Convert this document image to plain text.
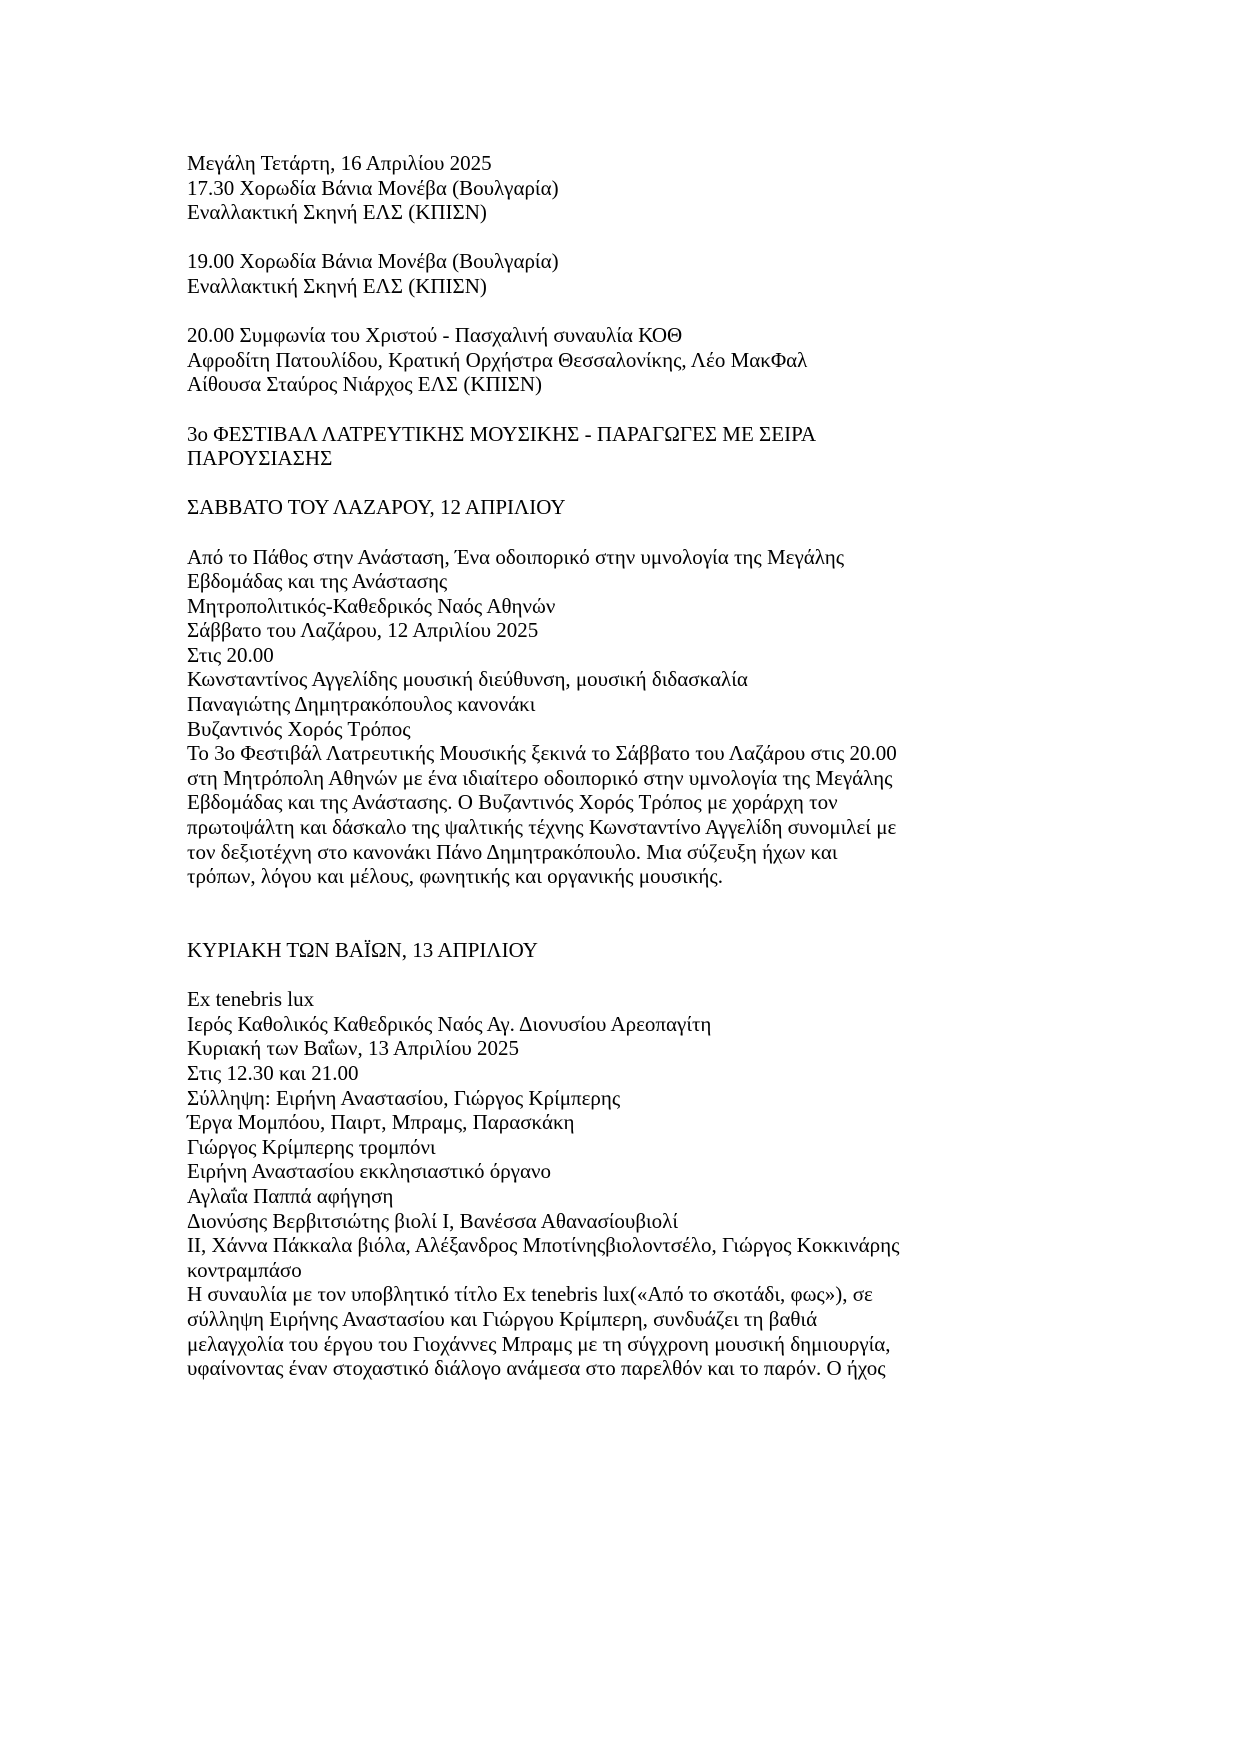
Μεγάλη Τετάρτη, 16 Απριλίου 2025
17.30 Χορωδία Βάνια Μονέβα (Βουλγαρία)
Εναλλακτική Σκηνή ΕΛΣ (ΚΠΙΣΝ)
19.00 Χορωδία Βάνια Μονέβα (Βουλγαρία)
Εναλλακτική Σκηνή ΕΛΣ (ΚΠΙΣΝ)
20.00 Συμφωνία του Χριστού - Πασχαλινή συναυλία ΚΟΘ
Αφροδίτη Πατουλίδου, Κρατική Ορχήστρα Θεσσαλονίκης, Λέο ΜακΦαλ
Αίθουσα Σταύρος Νιάρχος ΕΛΣ (ΚΠΙΣΝ)
3ο ΦΕΣΤΙΒΑΛ ΛΑΤΡΕΥΤΙΚΗΣ ΜΟΥΣΙΚΗΣ - ΠΑΡΑΓΩΓΕΣ ΜΕ ΣΕΙΡΑ
ΠΑΡΟΥΣΙΑΣΗΣ
ΣΑΒΒΑΤΟ ΤΟΥ ΛΑΖΑΡΟΥ, 12 ΑΠΡΙΛΙΟΥ
Από το Πάθος στην Ανάσταση, Ένα οδοιπορικό στην υμνολογία της Μεγάλης
Εβδομάδας και της Ανάστασης
Μητροπολιτικός-Καθεδρικός Ναός Αθηνών
Σάββατο του Λαζάρου, 12 Απριλίου 2025
Στις 20.00
Κωνσταντίνος Αγγελίδης μουσική διεύθυνση, μουσική διδασκαλία
Παναγιώτης Δημητρακόπουλος κανονάκι
Βυζαντινός Χορός Τρόπος
Το 3ο Φεστιβάλ Λατρευτικής Μουσικής ξεκινά το Σάββατο του Λαζάρου στις 20.00
στη Μητρόπολη Αθηνών με ένα ιδιαίτερο οδοιπορικό στην υμνολογία της Μεγάλης
Εβδομάδας και της Ανάστασης. Ο Βυζαντινός Χορός Τρόπος με χοράρχη τον
πρωτοψάλτη και δάσκαλο της ψαλτικής τέχνης Κωνσταντίνο Αγγελίδη συνομιλεί με
τον δεξιοτέχνη στο κανονάκι Πάνο Δημητρακόπουλο. Μια σύζευξη ήχων και
τρόπων, λόγου και μέλους, φωνητικής και οργανικής μουσικής.
ΚΥΡΙΑΚΗ ΤΩΝ ΒΑΪΩΝ, 13 ΑΠΡΙΛΙΟΥ
Ex tenebris lux
Ιερός Καθολικός Καθεδρικός Ναός Αγ. Διονυσίου Αρεοπαγίτη
Κυριακή των Βαΐων, 13 Απριλίου 2025
Στις 12.30 και 21.00
Σύλληψη: Ειρήνη Αναστασίου, Γιώργος Κρίμπερης
Έργα Μομπόου, Παιρτ, Μπραμς, Παρασκάκη
Γιώργος Κρίμπερης τρομπόνι
Ειρήνη Αναστασίου εκκλησιαστικό όργανο
Αγλαΐα Παππά αφήγηση
Διονύσης Βερβιτσιώτης βιολί Ι, Βανέσσα Αθανασίουβιολί
ΙΙ, Χάννα Πάκκαλα βιόλα, Αλέξανδρος Μποτίνηςβιολοντσέλο, Γιώργος Κοκκινάρης
κοντραμπάσο
Η συναυλία με τον υποβλητικό τίτλο Ex tenebris lux(«Από το σκοτάδι, φως»), σε
σύλληψη Ειρήνης Αναστασίου και Γιώργου Κρίμπερη, συνδυάζει τη βαθιά
μελαγχολία του έργου του Γιοχάννες Μπραμς με τη σύγχρονη μουσική δημιουργία,
υφαίνοντας έναν στοχαστικό διάλογο ανάμεσα στο παρελθόν και το παρόν. Ο ήχος
